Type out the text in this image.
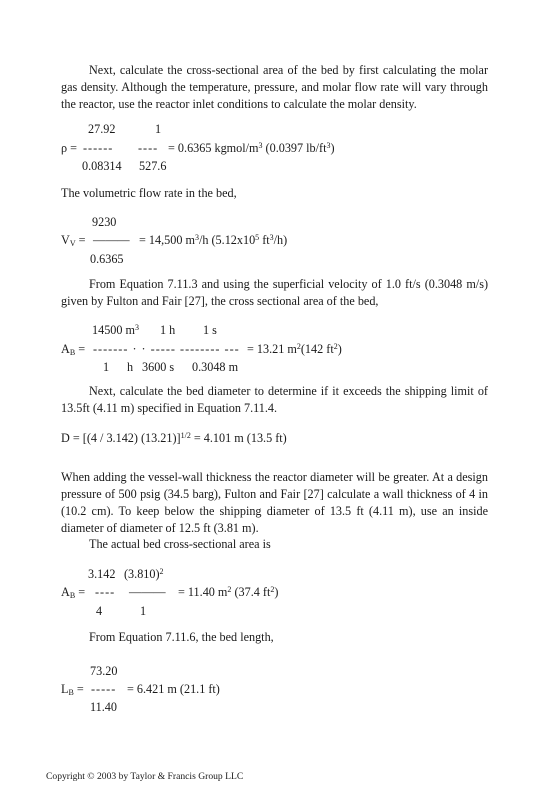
Next, calculate the cross-sectional area of the bed by first calculating the molar gas density. Although the temperature, pressure, and molar flow rate will vary through the reactor, use the reactor inlet conditions to calculate the molar density.
27.92	1
ρ = ------ ---- = 0.6365 kgmol/$m^3$ (0.0397 $lb/ft^3$)
0.08314 527.6
The volumetric flow rate in the bed,
9230
$V_V$ = ——— = 14,500 $m^3/h$ ($5.12x10^5$ $ft^3/h$)
0.6365
From Equation 7.11.3 and using the superficial velocity of 1.0 ft/s (0.3048 m/s) given by Fulton and Fair [27], the cross sectional area of the bed,
14500 $m^3$ 1 h 1 s
$A_B$ = ------- · · ----- -------- --- = 13.21 $m^2(142$ $ft^2$)
1 h 3600 s 0.3048 m
Next, calculate the bed diameter to determine if it exceeds the shipping limit of 13.5ft (4.11 m) specified in Equation 7.11.4.
D = [(4 / 3.142) (13.21)]$^{1/2}$ = 4.101 m (13.5 ft)
When adding the vessel-wall thickness the reactor diameter will be greater. At a design pressure of 500 psig (34.5 barg), Fulton and Fair [27] calculate a wall thickness of 4 in (10.2 cm). To keep below the shipping diameter of 13.5 ft (4.11 m), use an inside diameter of diameter of 12.5 ft (3.81 m).
The actual bed cross-sectional area is
3.142 $(3.810)^2$
$A_B$ = ---- ——— = 11.40 $m^2$ (37.4 $ft^2$)
4	1
From Equation 7.11.6, the bed length,
73.20
$L_B$ = ----- = 6.421 m (21.1 ft)
11.40
Copyright © 2003 by Taylor & Francis Group LLC
